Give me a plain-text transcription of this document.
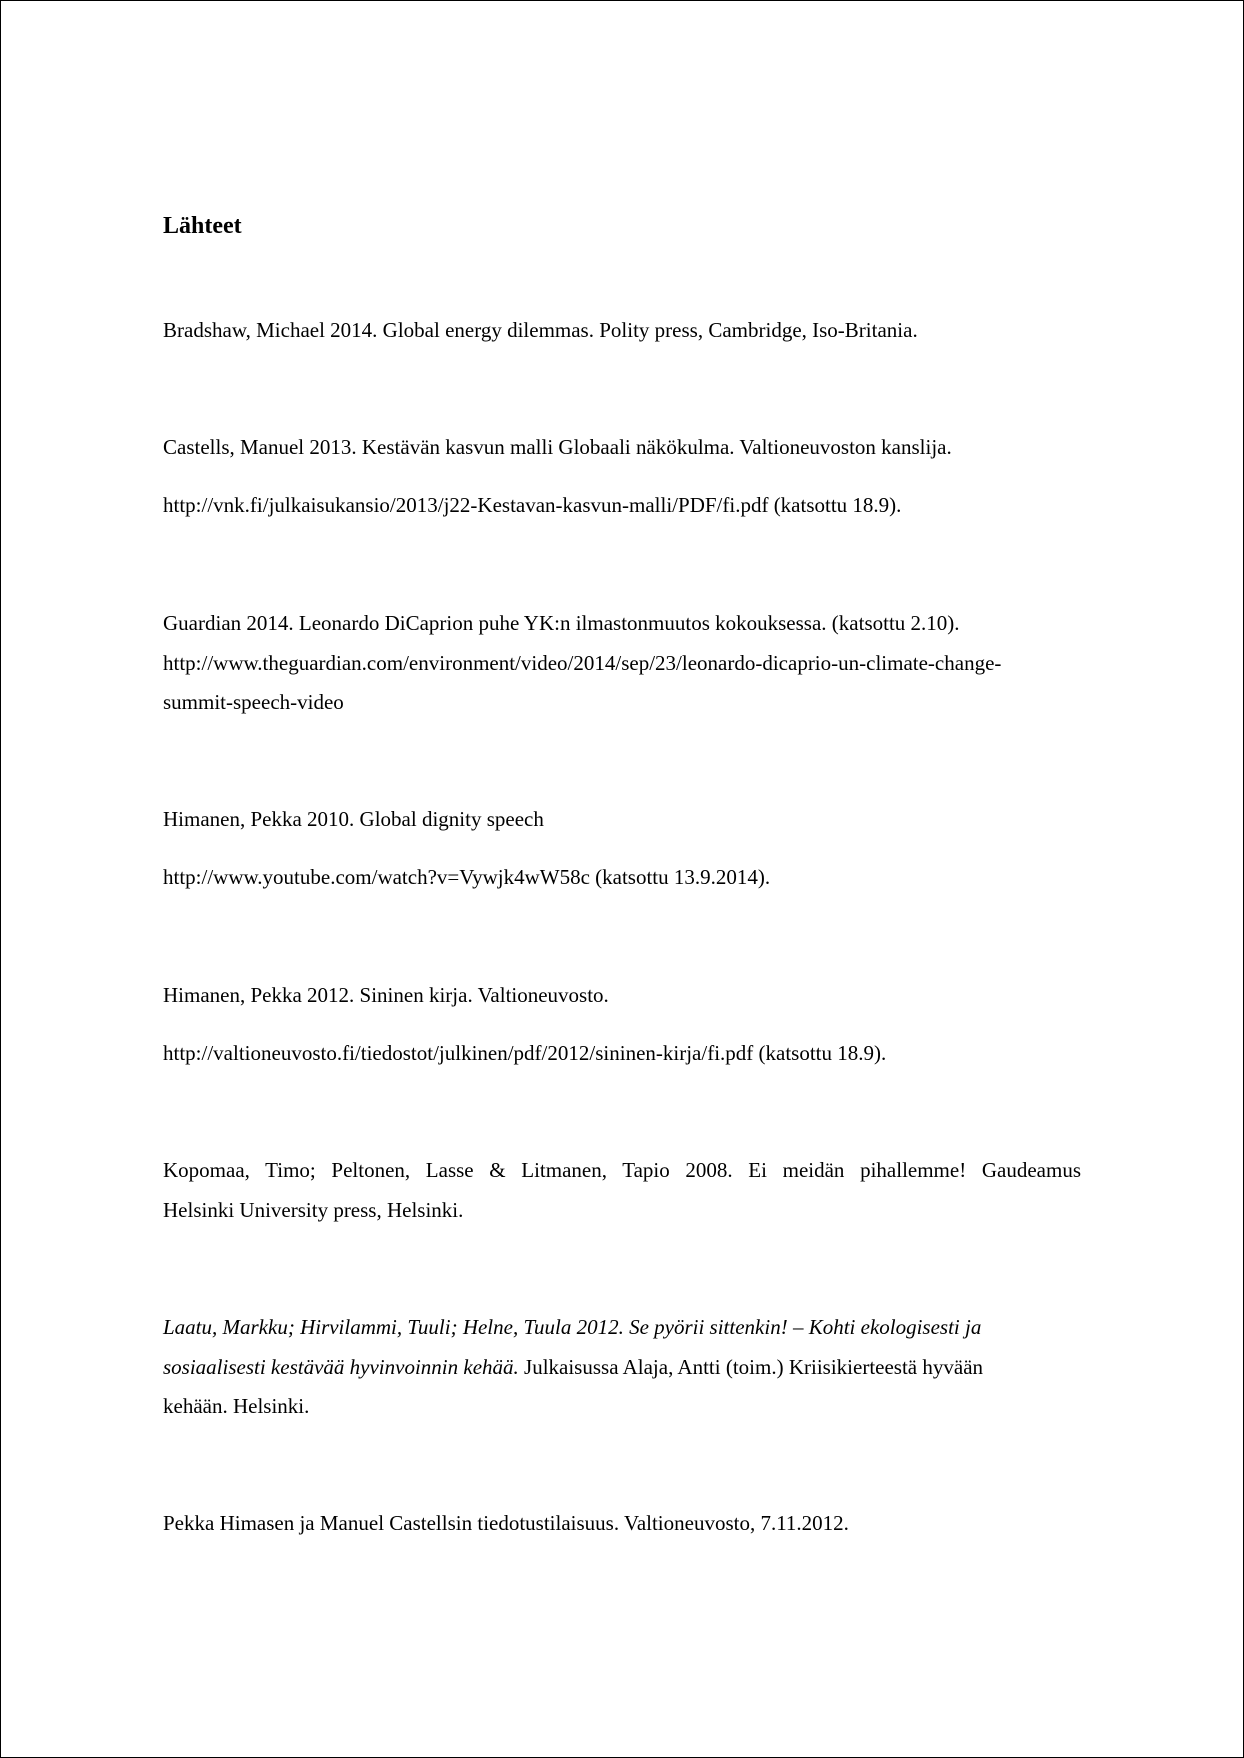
Lähteet
Bradshaw, Michael 2014. Global energy dilemmas. Polity press, Cambridge, Iso-Britania.
Castells, Manuel 2013. Kestävän kasvun malli Globaali näkökulma. Valtioneuvoston kanslija.
http://vnk.fi/julkaisukansio/2013/j22-Kestavan-kasvun-malli/PDF/fi.pdf (katsottu 18.9).
Guardian 2014. Leonardo DiCaprion puhe YK:n ilmastonmuutos kokouksessa. (katsottu 2.10).
http://www.theguardian.com/environment/video/2014/sep/23/leonardo-dicaprio-un-climate-change-
summit-speech-video
Himanen, Pekka 2010. Global dignity speech
http://www.youtube.com/watch?v=Vywjk4wW58c (katsottu 13.9.2014).
Himanen, Pekka 2012. Sininen kirja. Valtioneuvosto.
http://valtioneuvosto.fi/tiedostot/julkinen/pdf/2012/sininen-kirja/fi.pdf (katsottu 18.9).
Kopomaa, Timo; Peltonen, Lasse & Litmanen, Tapio 2008. Ei meidän pihallemme! Gaudeamus
Helsinki University press, Helsinki.
Laatu, Markku; Hirvilammi, Tuuli; Helne, Tuula 2012. Se pyörii sittenkin! – Kohti ekologisesti ja
sosiaalisesti kestävää hyvinvoinnin kehää. Julkaisussa Alaja, Antti (toim.) Kriisikierteestä hyvään
kehään. Helsinki.
Pekka Himasen ja Manuel Castellsin tiedotustilaisuus. Valtioneuvosto, 7.11.2012.
